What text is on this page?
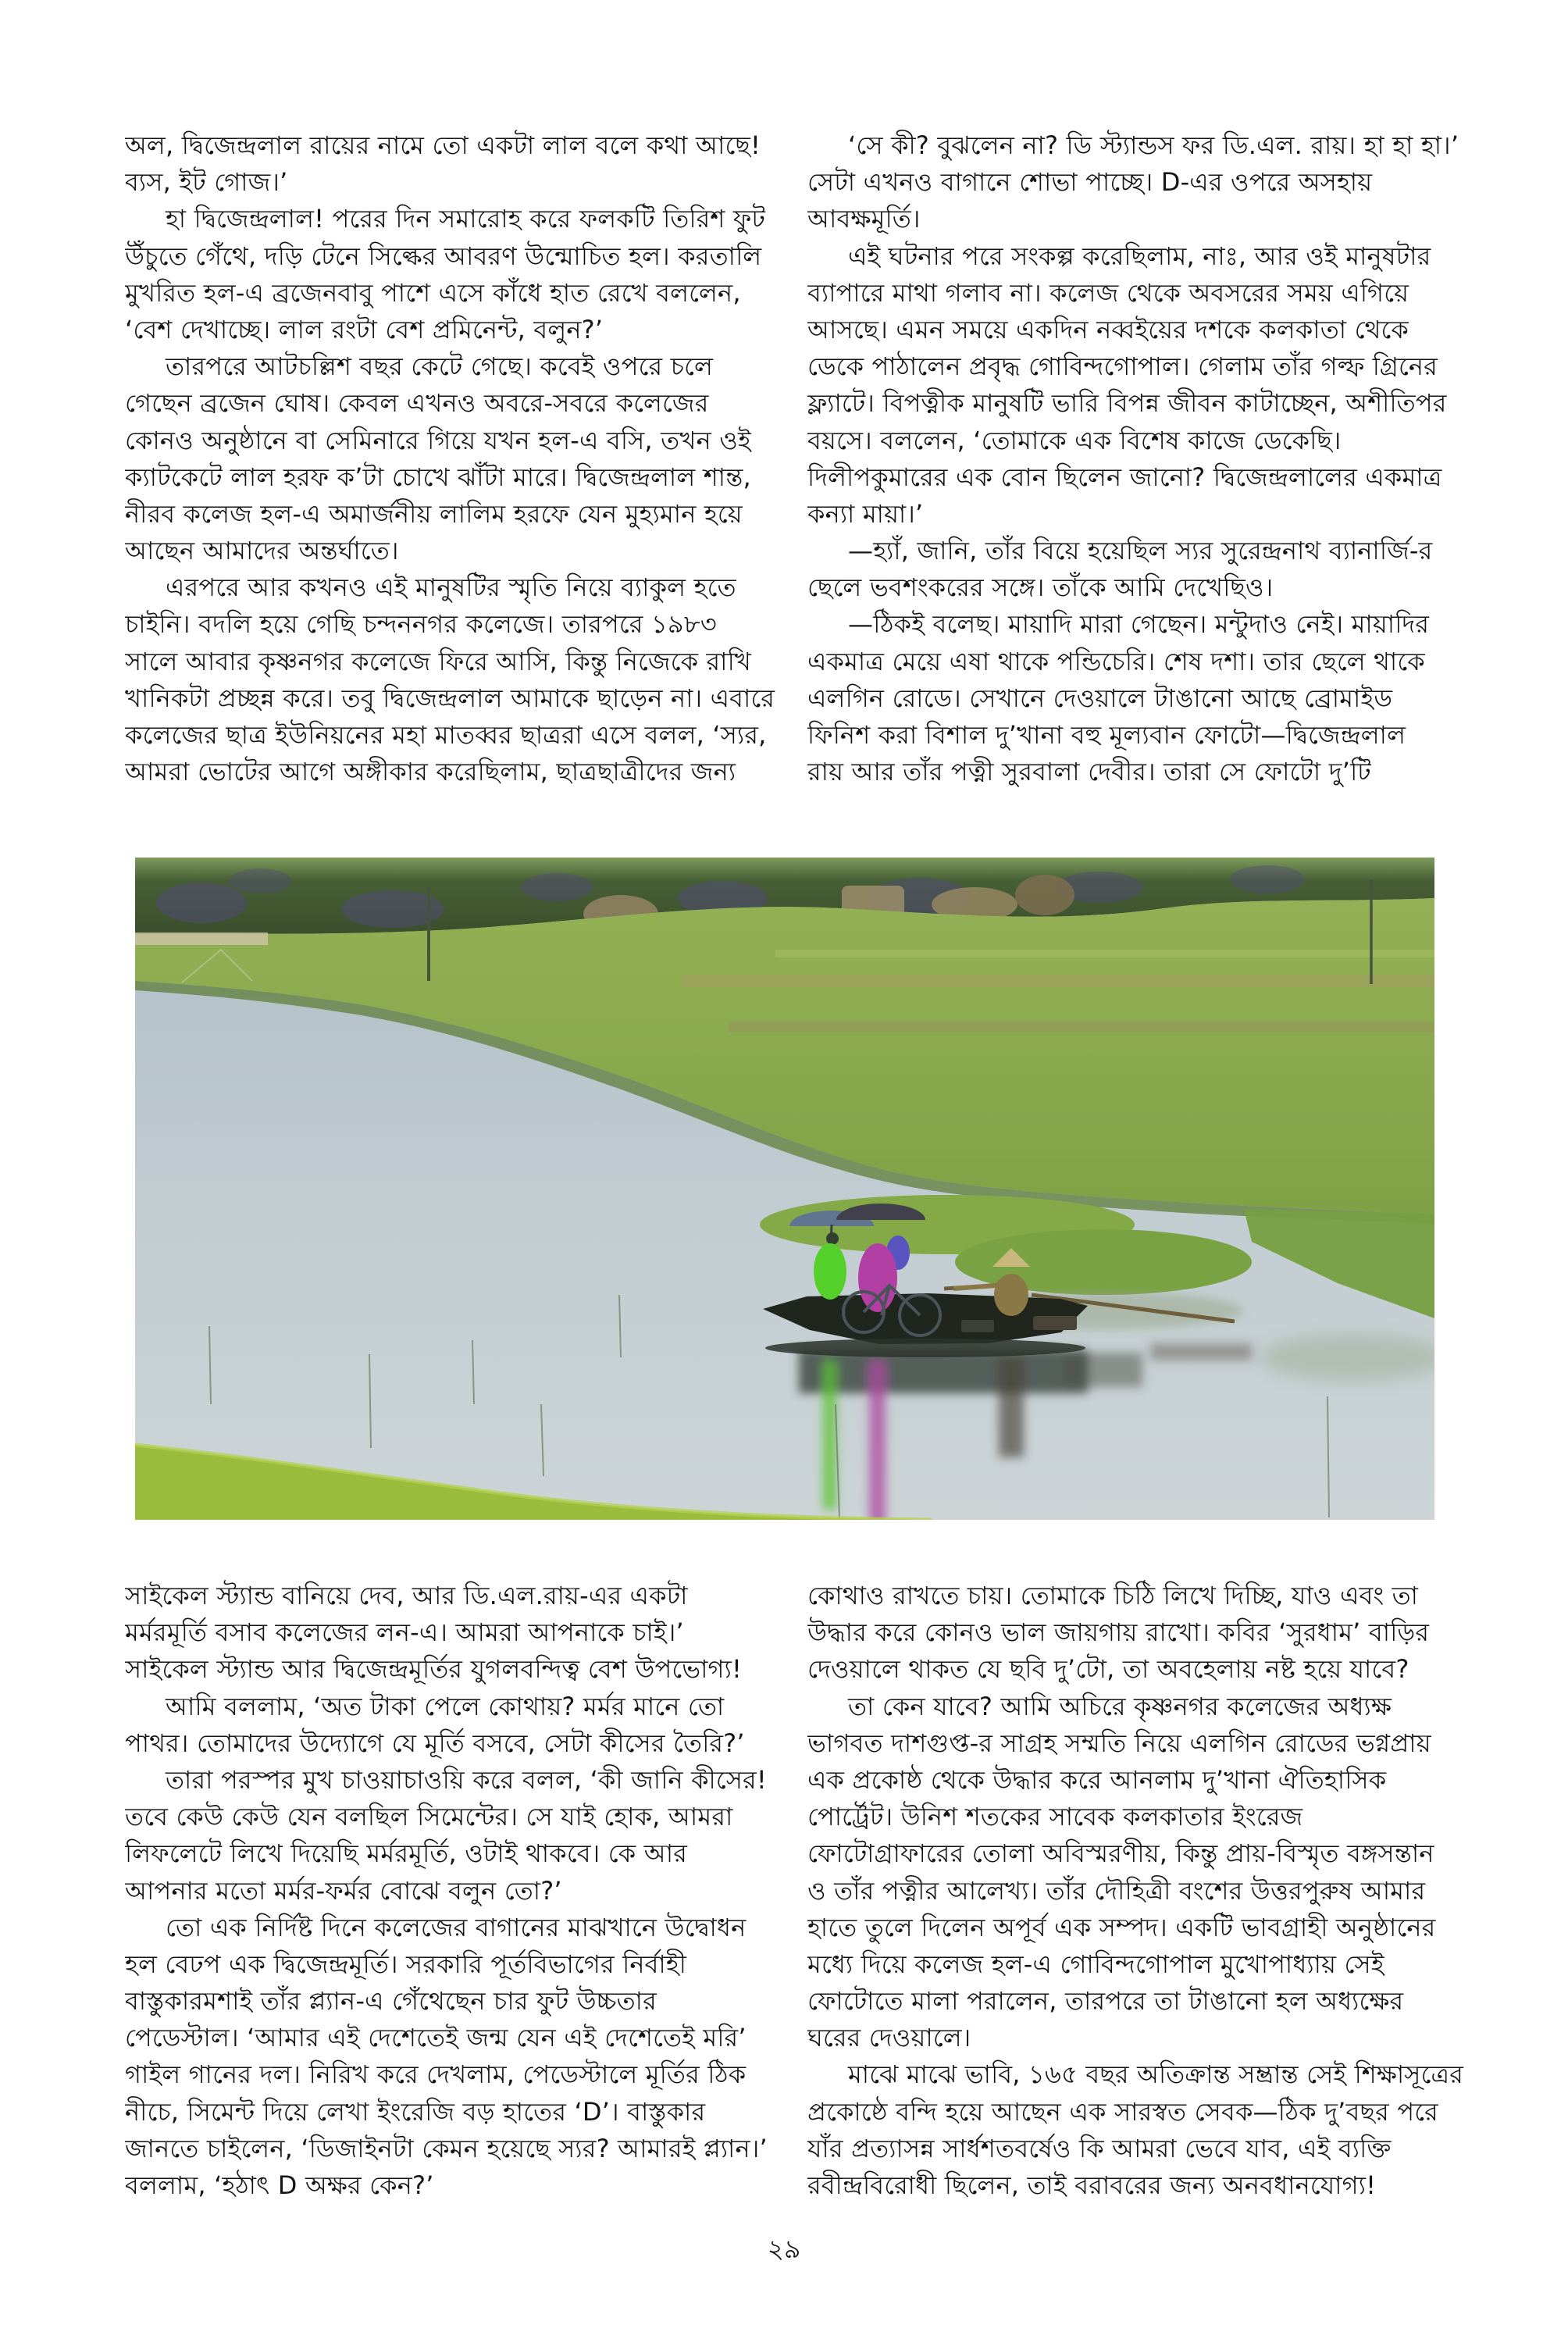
অল, দ্বিজেন্দ্রলাল রায়ের নামে তো একটা লাল বলে কথা আছে!
ব্যস, ইট গোজ।’
হা দ্বিজেন্দ্রলাল! পরের দিন সমারোহ করে ফলকটি তিরিশ ফুট
উঁচুতে গেঁথে, দড়ি টেনে সিল্কের আবরণ উন্মোচিত হল। করতালি
মুখরিত হল-এ ব্রজেনবাবু পাশে এসে কাঁধে হাত রেখে বললেন,
‘বেশ দেখাচ্ছে। লাল রংটা বেশ প্রমিনেন্ট, বলুন?’
তারপরে আটচল্লিশ বছর কেটে গেছে। কবেই ওপরে চলে
গেছেন ব্রজেন ঘোষ। কেবল এখনও অবরে-সবরে কলেজের
কোনও অনুষ্ঠানে বা সেমিনারে গিয়ে যখন হল-এ বসি, তখন ওই
ক্যাটকেটে লাল হরফ ক’টা চোখে ঝাঁটা মারে। দ্বিজেন্দ্রলাল শান্ত,
নীরব কলেজ হল-এ অমার্জনীয় লালিম হরফে যেন মুহ্যমান হয়ে
আছেন আমাদের অন্তর্ঘাতে।
এরপরে আর কখনও এই মানুষটির স্মৃতি নিয়ে ব্যাকুল হতে
চাইনি। বদলি হয়ে গেছি চন্দননগর কলেজে। তারপরে ১৯৮৩
সালে আবার কৃষ্ণনগর কলেজে ফিরে আসি, কিন্তু নিজেকে রাখি
খানিকটা প্রচ্ছন্ন করে। তবু দ্বিজেন্দ্রলাল আমাকে ছাড়েন না। এবারে
কলেজের ছাত্র ইউনিয়নের মহা মাতব্বর ছাত্ররা এসে বলল, ‘স্যর,
আমরা ভোটের আগে অঙ্গীকার করেছিলাম, ছাত্রছাত্রীদের জন্য
‘সে কী? বুঝলেন না? ডি স্ট্যান্ডস ফর ডি.এল. রায়। হা হা হা।’
সেটা এখনও বাগানে শোভা পাচ্ছে। D-এর ওপরে অসহায়
আবক্ষমূর্তি।
এই ঘটনার পরে সংকল্প করেছিলাম, নাঃ, আর ওই মানুষটার
ব্যাপারে মাথা গলাব না। কলেজ থেকে অবসরের সময় এগিয়ে
আসছে। এমন সময়ে একদিন নব্বইয়ের দশকে কলকাতা থেকে
ডেকে পাঠালেন প্রবৃদ্ধ গোবিন্দগোপাল। গেলাম তাঁর গল্ফ গ্রিনের
ফ্ল্যাটে। বিপত্নীক মানুষটি ভারি বিপন্ন জীবন কাটাচ্ছেন, অশীতিপর
বয়সে। বললেন, ‘তোমাকে এক বিশেষ কাজে ডেকেছি।
দিলীপকুমারের এক বোন ছিলেন জানো? দ্বিজেন্দ্রলালের একমাত্র
কন্যা মায়া।’
—হ্যাঁ, জানি, তাঁর বিয়ে হয়েছিল স্যর সুরেন্দ্রনাথ ব্যানার্জি-র
ছেলে ভবশংকরের সঙ্গে। তাঁকে আমি দেখেছিও।
—ঠিকই বলেছ। মায়াদি মারা গেছেন। মন্টুদাও নেই। মায়াদির
একমাত্র মেয়ে এষা থাকে পন্ডিচেরি। শেষ দশা। তার ছেলে থাকে
এলগিন রোডে। সেখানে দেওয়ালে টাঙানো আছে ব্রোমাইড
ফিনিশ করা বিশাল দু’খানা বহু মূল্যবান ফোটো—দ্বিজেন্দ্রলাল
রায় আর তাঁর পত্নী সুরবালা দেবীর। তারা সে ফোটো দু’টি
সাইকেল স্ট্যান্ড বানিয়ে দেব, আর ডি.এল.রায়-এর একটা
মর্মরমূর্তি বসাব কলেজের লন-এ। আমরা আপনাকে চাই।’
সাইকেল স্ট্যান্ড আর দ্বিজেন্দ্রমূর্তির যুগলবন্দিত্ব বেশ উপভোগ্য!
আমি বললাম, ‘অত টাকা পেলে কোথায়? মর্মর মানে তো
পাথর। তোমাদের উদ্যোগে যে মূর্তি বসবে, সেটা কীসের তৈরি?’
তারা পরস্পর মুখ চাওয়াচাওয়ি করে বলল, ‘কী জানি কীসের!
তবে কেউ কেউ যেন বলছিল সিমেন্টের। সে যাই হোক, আমরা
লিফলেটে লিখে দিয়েছি মর্মরমূর্তি, ওটাই থাকবে। কে আর
আপনার মতো মর্মর-ফর্মর বোঝে বলুন তো?’
তো এক নির্দিষ্ট দিনে কলেজের বাগানের মাঝখানে উদ্বোধন
হল বেঢপ এক দ্বিজেন্দ্রমূর্তি। সরকারি পূর্তবিভাগের নির্বাহী
বাস্তুকারমশাই তাঁর প্ল্যান-এ গেঁথেছেন চার ফুট উচ্চতার
পেডেস্টাল। ‘আমার এই দেশেতেই জন্ম যেন এই দেশেতেই মরি’
গাইল গানের দল। নিরিখ করে দেখলাম, পেডেস্টালে মূর্তির ঠিক
নীচে, সিমেন্ট দিয়ে লেখা ইংরেজি বড় হাতের ‘D’। বাস্তুকার
জানতে চাইলেন, ‘ডিজাইনটা কেমন হয়েছে স্যর? আমারই প্ল্যান।’
বললাম, ‘হঠাৎ D অক্ষর কেন?’
কোথাও রাখতে চায়। তোমাকে চিঠি লিখে দিচ্ছি, যাও এবং তা
উদ্ধার করে কোনও ভাল জায়গায় রাখো। কবির ‘সুরধাম’ বাড়ির
দেওয়ালে থাকত যে ছবি দু’টো, তা অবহেলায় নষ্ট হয়ে যাবে?
তা কেন যাবে? আমি অচিরে কৃষ্ণনগর কলেজের অধ্যক্ষ
ভাগবত দাশগুপ্ত-র সাগ্রহ সম্মতি নিয়ে এলগিন রোডের ভগ্নপ্রায়
এক প্রকোষ্ঠ থেকে উদ্ধার করে আনলাম দু’খানা ঐতিহাসিক
পোর্ট্রেট। উনিশ শতকের সাবেক কলকাতার ইংরেজ
ফোটোগ্রাফারের তোলা অবিস্মরণীয়, কিন্তু প্রায়-বিস্মৃত বঙ্গসন্তান
ও তাঁর পত্নীর আলেখ্য। তাঁর দৌহিত্রী বংশের উত্তরপুরুষ আমার
হাতে তুলে দিলেন অপূর্ব এক সম্পদ। একটি ভাবগ্রাহী অনুষ্ঠানের
মধ্যে দিয়ে কলেজ হল-এ গোবিন্দগোপাল মুখোপাধ্যায় সেই
ফোটোতে মালা পরালেন, তারপরে তা টাঙানো হল অধ্যক্ষের
ঘরের দেওয়ালে।
মাঝে মাঝে ভাবি, ১৬৫ বছর অতিক্রান্ত সম্ভ্রান্ত সেই শিক্ষাসূত্রের
প্রকোষ্ঠে বন্দি হয়ে আছেন এক সারস্বত সেবক—ঠিক দু’বছর পরে
যাঁর প্রত্যাসন্ন সার্ধশতবর্ষেও কি আমরা ভেবে যাব, এই ব্যক্তি
রবীন্দ্রবিরোধী ছিলেন, তাই বরাবরের জন্য অনবধানযোগ্য!
২৯
